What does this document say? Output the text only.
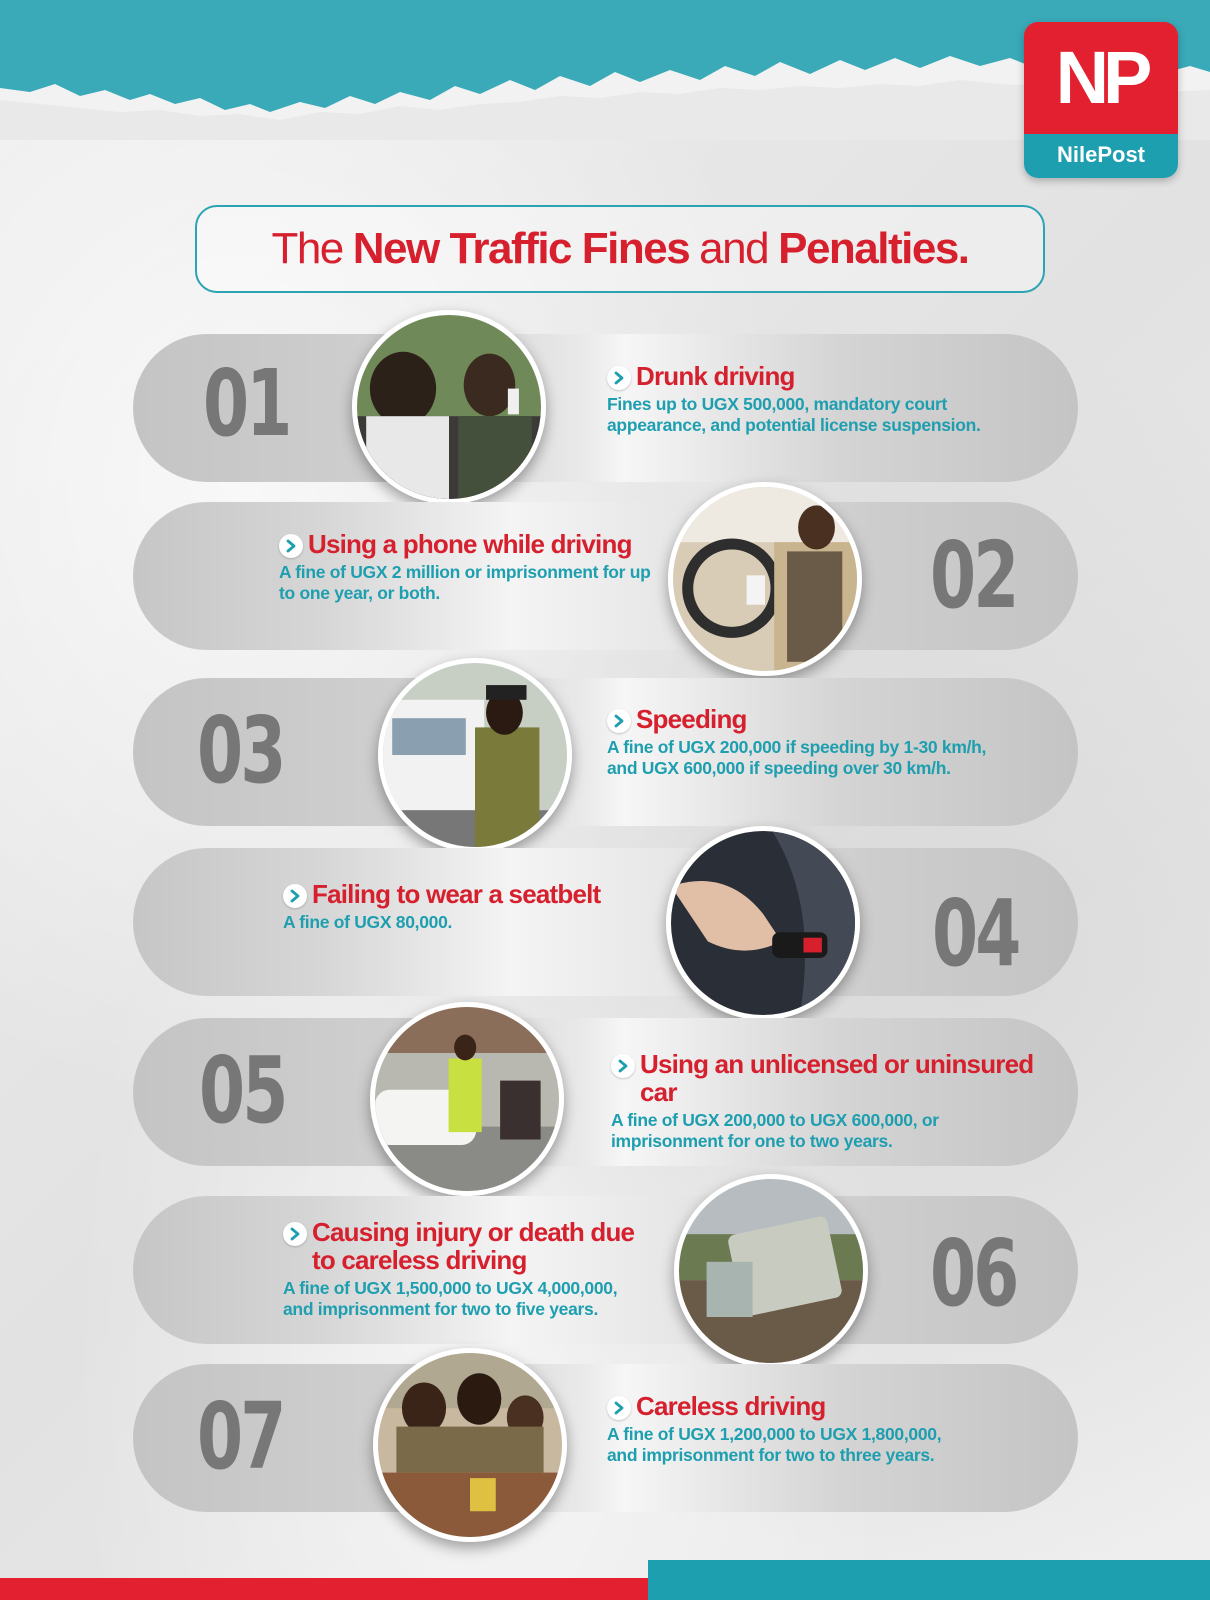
NP
NilePost
The New Traffic Fines and Penalties.
01	Drunk driving
Fines up to UGX 500,000, mandatory court appearance, and potential license suspension.
Using a phone while driving
A fine of UGX 2 million or imprisonment for up to one year, or both.	02
03	Speeding
A fine of UGX 200,000 if speeding by 1-30 km/h, and UGX 600,000 if speeding over 30 km/h.
Failing to wear a seatbelt
A fine of UGX 80,000.	04
05	Using an unlicensed or uninsured car
A fine of UGX 200,000 to UGX 600,000, or imprisonment for one to two years.
Causing injury or death due to careless driving
A fine of UGX 1,500,000 to UGX 4,000,000, and imprisonment for two to five years.	06
07	Careless driving
A fine of UGX 1,200,000 to UGX 1,800,000, and imprisonment for two to three years.
